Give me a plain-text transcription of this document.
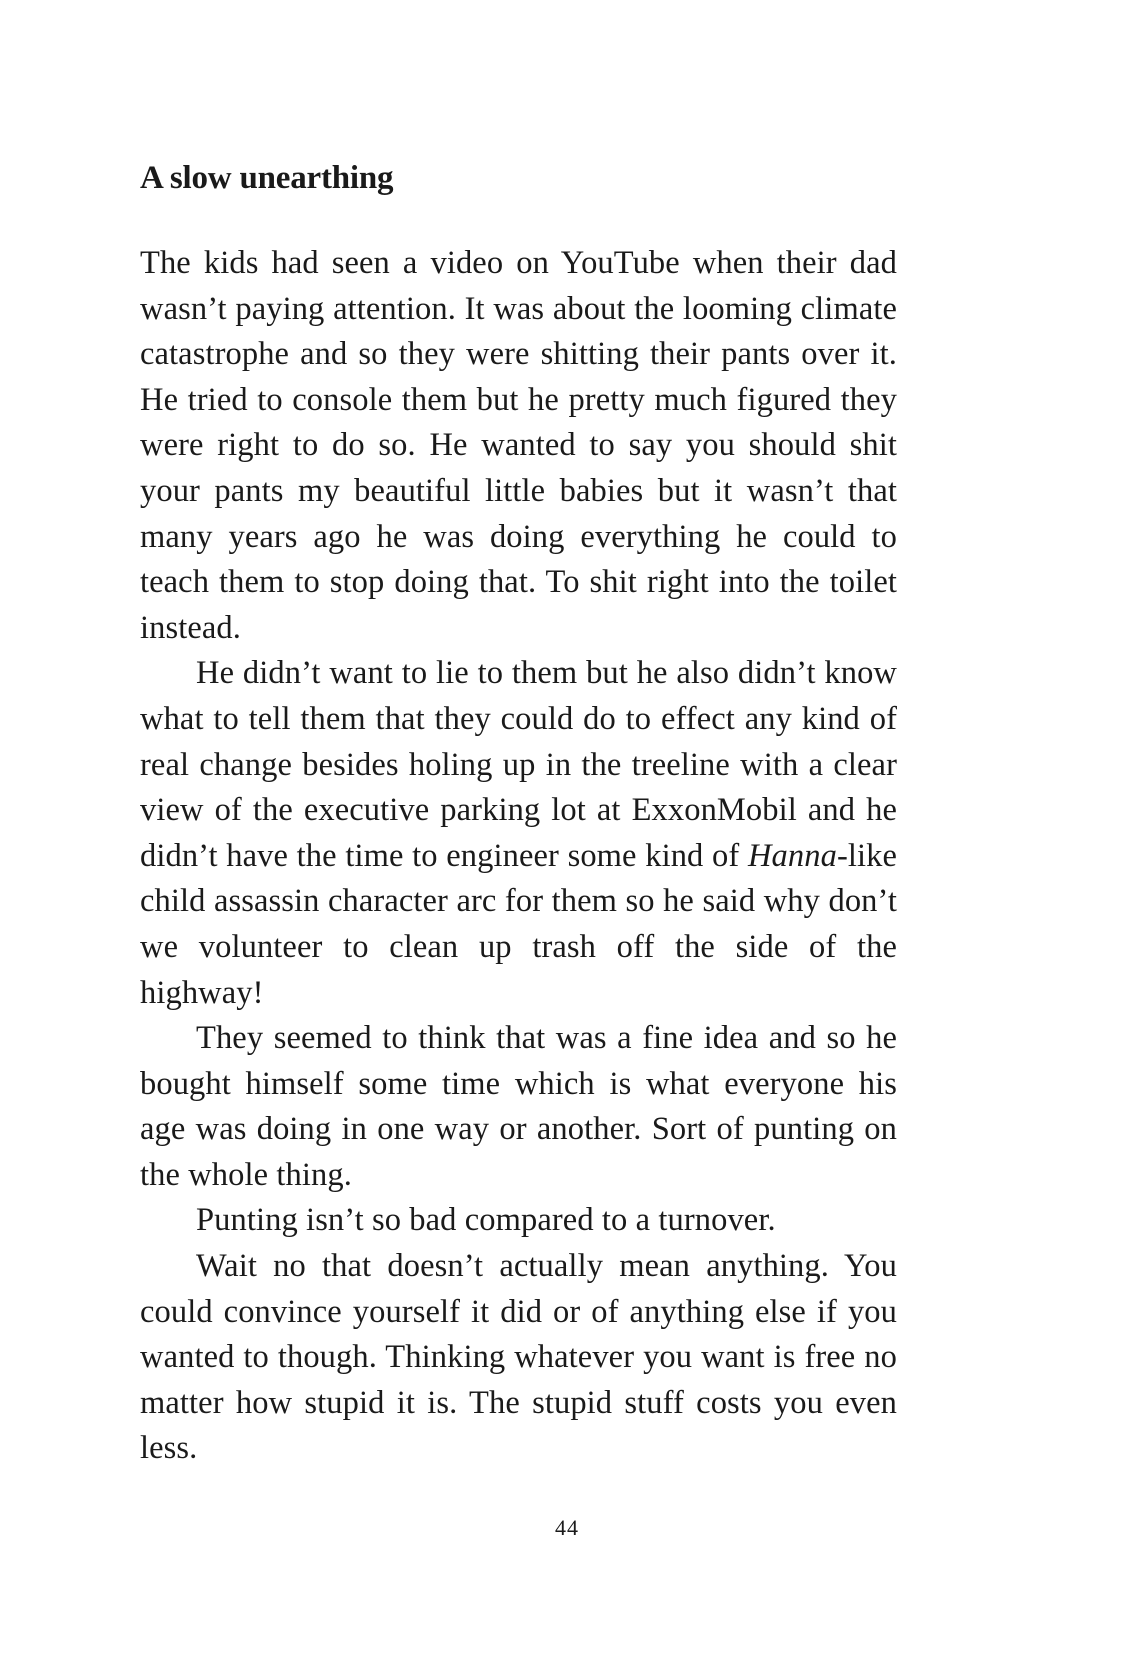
A slow unearthing

The kids had seen a video on YouTube when their dad wasn’t paying attention. It was about the looming climate catastrophe and so they were shitting their pants over it. He tried to console them but he pretty much figured they were right to do so. He wanted to say you should shit your pants my beautiful little babies but it wasn’t that many years ago he was doing everything he could to teach them to stop doing that. To shit right into the toilet instead.

He didn’t want to lie to them but he also didn’t know what to tell them that they could do to effect any kind of real change besides holing up in the treeline with a clear view of the executive parking lot at ExxonMobil and he didn’t have the time to engineer some kind of Hanna-like child assassin character arc for them so he said why don’t we volunteer to clean up trash off the side of the highway!

They seemed to think that was a fine idea and so he bought himself some time which is what everyone his age was doing in one way or another. Sort of punting on the whole thing.

Punting isn’t so bad compared to a turnover.

Wait no that doesn’t actually mean anything. You could convince yourself it did or of anything else if you wanted to though. Thinking whatever you want is free no matter how stupid it is. The stupid stuff costs you even less.

44
